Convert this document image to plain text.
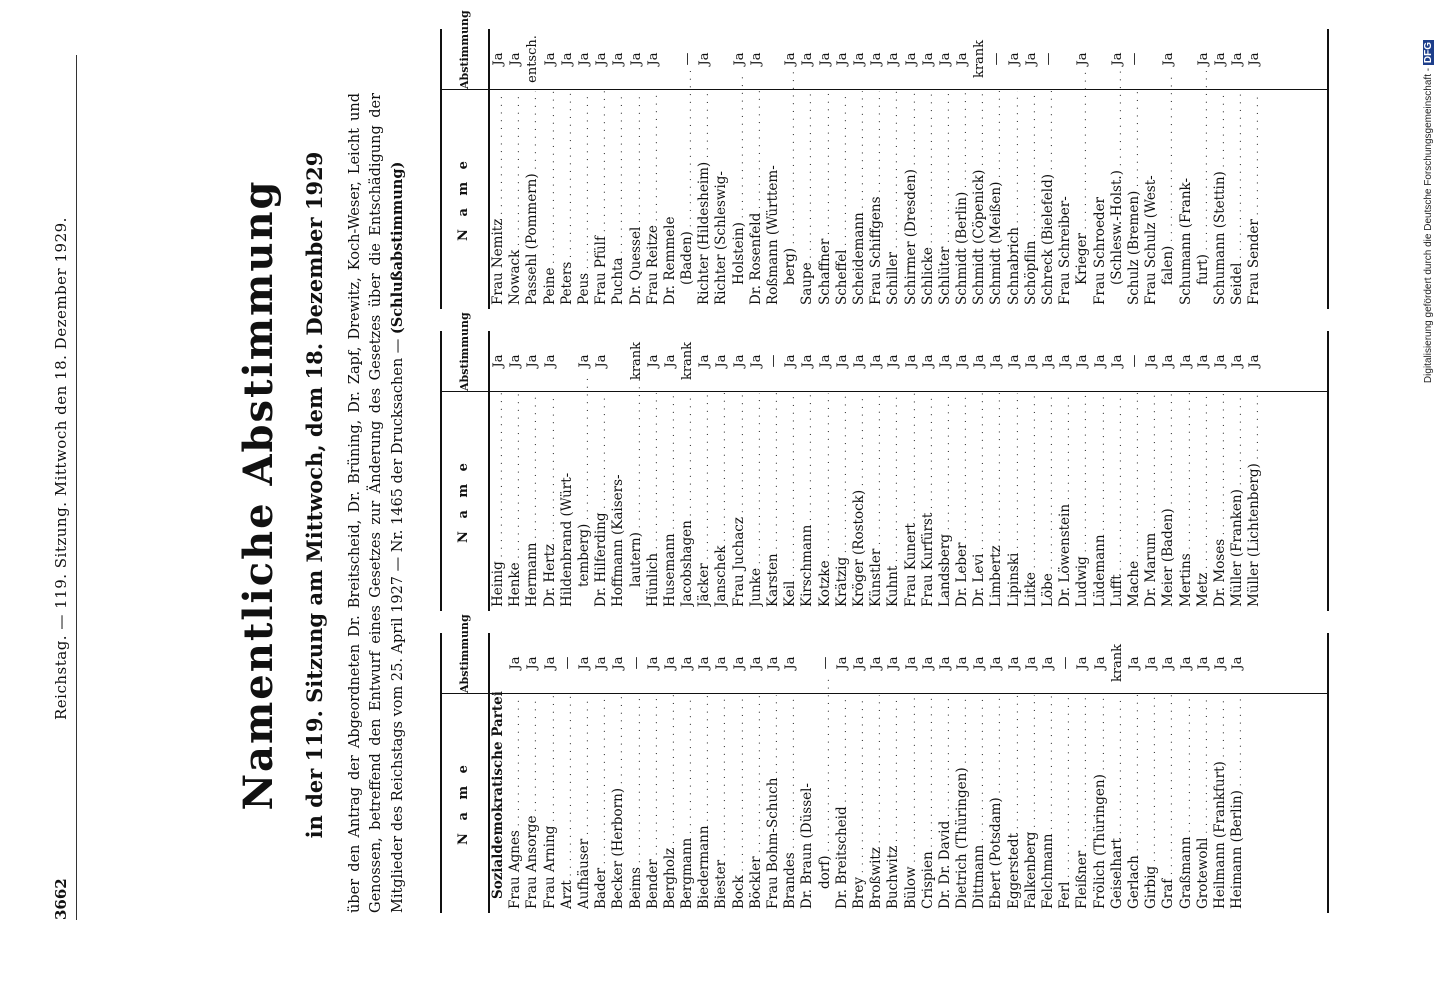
3662
Reichstag. — 119. Sitzung. Mittwoch den 18. Dezember 1929.	Namentliche Abstimmung in der 119. Sitzung am Mittwoch, dem 18. Dezember 1929 über den Antrag der Abgeordneten Dr. Breitscheid, Dr. Brüning, Dr. Zapf, Drewitz, Koch-Weser, Leicht und Genossen, betreffend den Entwurf eines Gesetzes zur Änderung des Gesetzes über die Entschädigung der Mitglieder des Reichstags vom 25. April 1927 — Nr. 1465 der Drucksachen — (Schlußabstimmung)
N a m e
Abstimmung
Sozialdemokratische Partei Frau Agnes . . .
Ja
Frau Ansorge . . .
Ja
Frau Arning . . .
Ja
Arzt . . .
—
Aufhäuser . . .
Ja
Bader . . .
Ja
Becker (Herborn) . . .
Ja
Beims . . .
—
Bender . . .
Ja
Bergholz . . .
Ja
Bergmann . . .
Ja
Biedermann . . .
Ja
Biester . . .
Ja
Bock . . .
Ja
Böckler . . .
Ja
Frau Bohm-Schuch . . .
Ja
Brandes . . .
Ja
Dr. Braun (Düssel- dorf) . . .
—
Dr. Breitscheid . . .
Ja
Brey . . .
Ja
Broßwitz . . .
Ja
Buchwitz . . .
Ja
Bülow . . .
Ja
Crispien . . .
Ja
Dr. Dr. David . . .
Ja
Dietrich (Thüringen) . . .
Ja
Dittmann . . .
Ja
Ebert (Potsdam) . . .
Ja
Eggerstedt . . .
Ja
Falkenberg . . .
Ja
Felchmann . . .
Ja
Ferl . . .
—
Fleißner . . .
Ja
Frölich (Thüringen) . . .
Ja
Geiselhart . . .
krank
Gerlach . . .
Ja
Girbig . . .
Ja
Graf . . .
Ja
Graßmann . . .
Ja
Grotewohl . . .
Ja
Heilmann (Frankfurt) . . .
Ja
Heimann (Berlin) . . .
Ja
N a m e
Abstimmung
Heinig . . .
Ja
Henke . . .
Ja
Hermann . . .
Ja
Dr. Hertz . . .
Ja
Hildenbrand (Würt- temberg) . . .
Ja
Dr. Hilferding . . .
Ja
Hoffmann (Kaisers- lautern) . . .
krank
Hünlich . . .
Ja
Husemann . . .
Ja
Jacobshagen . . .
krank
Jäcker . . .
Ja
Janschek . . .
Ja
Frau Juchacz . . .
Ja
Junke . . .
Ja
Karsten . . .
—
Keil . . .
Ja
Kirschmann . . .
Ja
Kotzke . . .
Ja
Krätzig . . .
Ja
Kröger (Rostock) . . .
Ja
Künstler . . .
Ja
Kuhnt . . .
Ja
Frau Kunert . . .
Ja
Frau Kurfürst . . .
Ja
Landsberg . . .
Ja
Dr. Leber . . .
Ja
Dr. Levi . . .
Ja
Limbertz . . .
Ja
Lipinski . . .
Ja
Litke . . .
Ja
Löbe . . .
Ja
Dr. Löwenstein . . .
Ja
Ludwig . . .
Ja
Lüdemann . . .
Ja
Lufft . . .
Ja
Mache . . .
—
Dr. Marum . . .
Ja
Meier (Baden) . . .
Ja
Mertins . . .
Ja
Metz . . .
Ja
Dr. Moses . . .
Ja
Müller (Franken) . . .
Ja
Müller (Lichtenberg) . . .
Ja
N a m e
Abstimmung
Frau Nemitz . . .
Ja
Nowack . . .
Ja
Passehl (Pommern) . . .
entsch.
Peine . . .
Ja
Peters . . .
Ja
Peus . . .
Ja
Frau Pfülf . . .
Ja
Puchta . . .
Ja
Dr. Quessel . . .
Ja
Frau Reitze . . .
Ja
Dr. Remmele (Baden) . . .
—
Richter (Hildesheim) . . .
Ja
Richter (Schleswig- Holstein) . . .
Ja
Dr. Rosenfeld . . .
Ja
Roßmann (Württem- berg) . . .
Ja
Saupe . . .
Ja
Schaffner . . .
Ja
Scheffel . . .
Ja
Scheidemann . . .
Ja
Frau Schiffgens . . .
Ja
Schiller . . .
Ja
Schirmer (Dresden) . . .
Ja
Schlicke . . .
Ja
Schlüter . . .
Ja
Schmidt (Berlin) . . .
Ja
Schmidt (Cöpenick) . . .
krank
Schmidt (Meißen) . . .
—
Schnabrich . . .
Ja
Schöpflin . . .
Ja
Schreck (Bielefeld) . . .
—
Frau Schreiber- Krieger . . .
Ja
Frau Schroeder (Schlesw.-Holst.) . . .
Ja
Schulz (Bremen) . . .
—
Frau Schulz (West- falen) . . .
Ja
Schumann (Frank- furt) . . .
Ja
Schumann (Stettin) . . .
Ja
Seidel . . .
Ja
Frau Sender . . .
Ja
Digitalisierung gefördert durch die Deutsche Forschungsgemeinschaft - DFG
